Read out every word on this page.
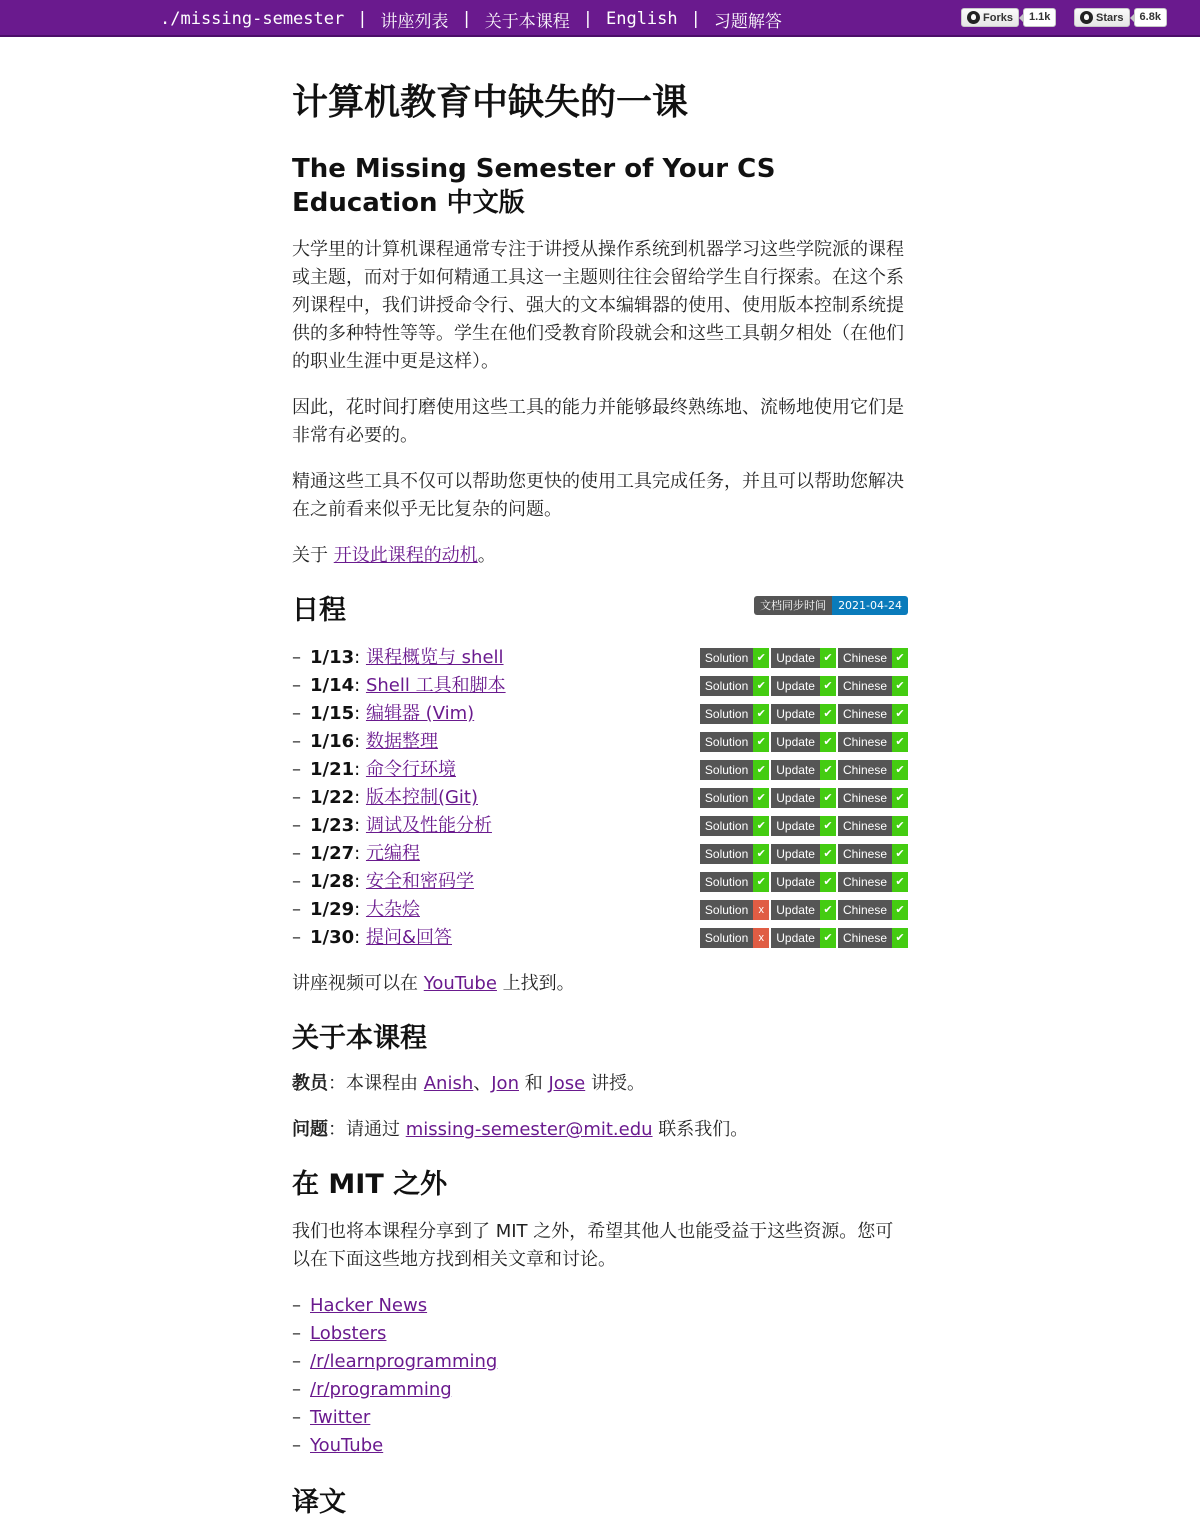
./missing-semester | 讲座列表 | 关于本课程 | English | 习题解答	Forks	1.1k	Stars	6.8k
计算机教育中缺失的一课
The Missing Semester of Your CS Education 中文版

大学里的计算机课程通常专注于讲授从操作系统到机器学习这些学院派的课程或主题，而对于如何精通工具这一主题则往往会留给学生自行探索。在这个系列课程中，我们讲授命令行、强大的文本编辑器的使用、使用版本控制系统提供的多种特性等等。学生在他们受教育阶段就会和这些工具朝夕相处（在他们的职业生涯中更是这样）。

因此，花时间打磨使用这些工具的能力并能够最终熟练地、流畅地使用它们是非常有必要的。

精通这些工具不仅可以帮助您更快的使用工具完成任务，并且可以帮助您解决在之前看来似乎无比复杂的问题。

关于 开设此课程的动机。

日程	文档同步时间	2021-04-24
– 1/13 : 课程概览与 shell	Solution ✔ Update ✔ Chinese ✔
– 1/14 : Shell 工具和脚本	Solution ✔ Update ✔ Chinese ✔
– 1/15 : 编辑器 (Vim)	Solution ✔ Update ✔ Chinese ✔
– 1/16 : 数据整理	Solution ✔ Update ✔ Chinese ✔
– 1/21 : 命令行环境	Solution ✔ Update ✔ Chinese ✔
– 1/22 : 版本控制(Git)	Solution ✔ Update ✔ Chinese ✔
– 1/23 : 调试及性能分析	Solution ✔ Update ✔ Chinese ✔
– 1/27 : 元编程	Solution ✔ Update ✔ Chinese ✔
– 1/28 : 安全和密码学	Solution ✔ Update ✔ Chinese ✔
– 1/29 : 大杂烩	Solution x	Update ✔ Chinese ✔
– 1/30 : 提问&回答	Solution x	Update ✔ Chinese ✔

讲座视频可以在 YouTube 上找到。

关于本课程

教员：本课程由 Anish、Jon 和 Jose 讲授。

问题：请通过 missing-semester@mit.edu 联系我们。

在 MIT 之外

我们也将本课程分享到了 MIT 之外，希望其他人也能受益于这些资源。您可以在下面这些地方找到相关文章和讨论。

– Hacker News
– Lobsters
– /r/learnprogramming
– /r/programming
– Twitter
– YouTube
译文
